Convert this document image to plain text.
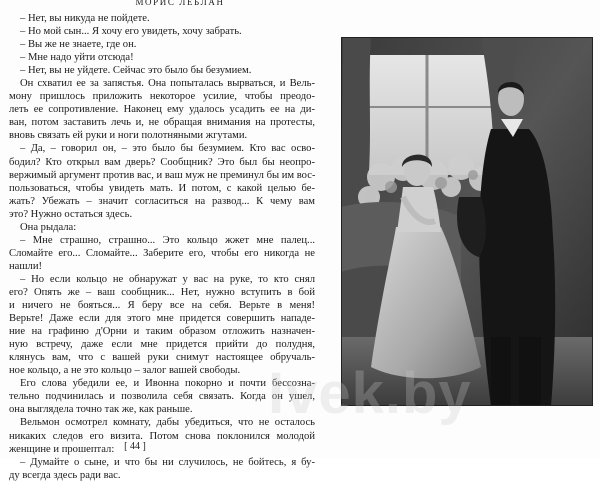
МОРИС ЛЕБЛАН
– Нет, вы никуда не пойдете.
– Но мой сын... Я хочу его увидеть, хочу забрать.
– Вы же не знаете, где он.
– Мне надо уйти отсюда!
– Нет, вы не уйдете. Сейчас это было бы безумием.
Он схватил ее за запястья. Она попыталась вырваться, и Вель-
мону пришлось приложить некоторое усилие, чтобы преодо-
леть ее сопротивление. Наконец ему удалось усадить ее на ди-
ван, потом заставить лечь и, не обращая внимания на протесты,
вновь связать ей руки и ноги полотняными жгутами.
– Да, – говорил он, – это было бы безумием. Кто вас осво-
бодил? Кто открыл вам дверь? Сообщник? Это был бы неопро-
вержимый аргумент против вас, и ваш муж не преминул бы им вос-
пользоваться, чтобы увидеть мать. И потом, с какой целью бе-
жать? Убежать – значит согласиться на развод... К чему вам
это? Нужно остаться здесь.
Она рыдала:
– Мне страшно, страшно... Это кольцо жжет мне палец...
Сломайте его... Сломайте... Заберите его, чтобы его никогда не
нашли!
– Но если кольцо не обнаружат у вас на руке, то кто снял
его? Опять же – ваш сообщник... Нет, нужно вступить в бой
и ничего не бояться... Я беру все на себя. Верьте в меня!
Верьте! Даже если для этого мне придется совершить нападе-
ние на графиню д'Орни и таким образом отложить назначен-
ную встречу, даже если мне придется прийти до полудня,
клянусь вам, что с вашей руки снимут настоящее обручаль-
ное кольцо, а не это кольцо – залог вашей свободы.
Его слова убедили ее, и Ивонна покорно и почти бессозна-
тельно подчинилась и позволила себя связать. Когда он ушел,
она выглядела точно так же, как раньше.
Вельмон осмотрел комнату, дабы убедиться, что не осталось
никаких следов его визита. Потом снова поклонился молодой
женщине и прошептал:
– Думайте о сыне, и что бы ни случилось, не бойтесь, я бу-
ду всегда здесь ради вас.
[ 44 ]
Ivek.by
